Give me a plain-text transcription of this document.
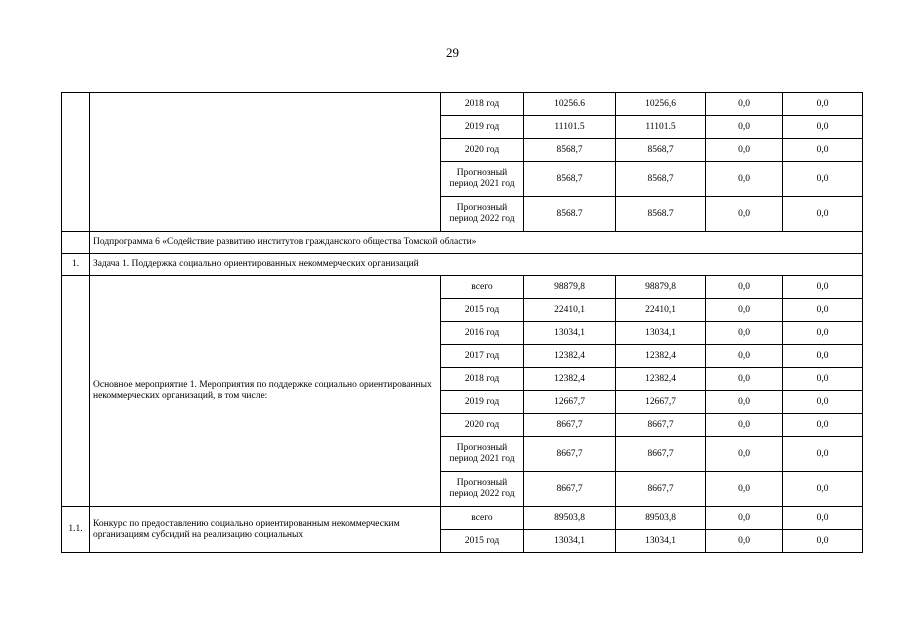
29
		2018 год	10256.6	10256,6	0,0	0,0
		2019 год	11101.5	11101.5	0,0	0,0
		2020 год	8568,7	8568,7	0,0	0,0
		Прогнозный период 2021 год	8568,7	8568,7	0,0	0,0
		Прогнозный период 2022 год	8568.7	8568.7	0,0	0,0
	Подпрограмма 6 «Содействие развитию институтов гражданского общества Томской области»					
1.	Задача 1. Поддержка социально ориентированных некоммерческих организаций					
	Основное мероприятие 1. Мероприятия по поддержке социально ориентированных некоммерческих организаций, в том числе:	всего	98879,8	98879,8	0,0	0,0
		2015 год	22410,1	22410,1	0,0	0,0
		2016 год	13034,1	13034,1	0,0	0,0
		2017 год	12382,4	12382,4	0,0	0,0
		2018 год	12382,4	12382,4	0,0	0,0
		2019 год	12667,7	12667,7	0,0	0,0
		2020 год	8667,7	8667,7	0,0	0,0
		Прогнозный период 2021 год	8667,7	8667,7	0,0	0,0
		Прогнозный период 2022 год	8667,7	8667,7	0,0	0,0
1.1.	Конкурс по предоставлению социально ориентированным некоммерческим организациям субсидий на реализацию социальных	всего	89503,8	89503,8	0,0	0,0
		2015 год	13034,1	13034,1	0,0	0,0
